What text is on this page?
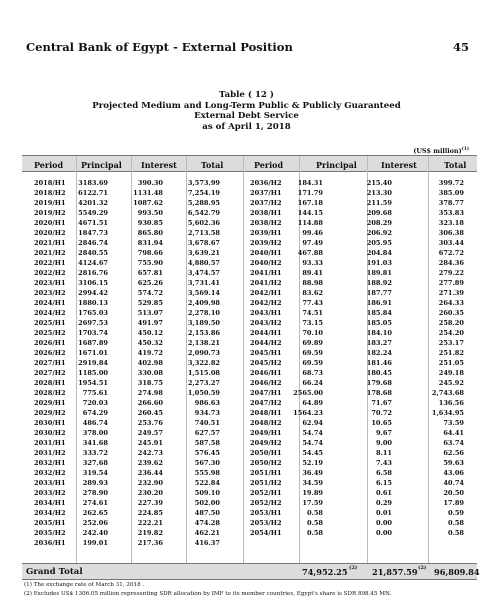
Central Bank of Egypt - External Position	45
Table ( 12 )
Projected Medium and Long-Term Public & Publicly Guaranteed
External Debt Service
as of April 1, 2018
(US$ million)$^{(1)}$
Period Principal Interest	Total	Period	Principal	Interest	Total
2018/H1 3183.69	390.30	3,573.99	2036/H2 184.31	215.40	399.72
2018/H2 6122.71	1131.48	7,254.19	2037/H1 171.79	213.30	385.09
2019/H1 4201.32	1087.62	5,288.95	2037/H2 167.18	211.59	378.77
2019/H2 5549.29	993.50	6,542.79	2038/H1 144.15	209.68	353.83
2020/H1 4671.51	930.85	5,602.36	2038/H2 114.88	208.29	323.18
2020/H2 1847.73	865.80	2,713.58	2039/H1	99.46	206.92	306.38
2021/H1 2846.74	831.94	3,678.67	2039/H2	97.49	205.95	303.44
2021/H2 2840.55	798.66	3,639.21	2040/H1 467.88	204.84	672.72
2022/H1 4124.67	755.90	4,880.57	2040/H2	93.33	191.03	284.36
2022/H2 2816.76	657.81	3,474.57	2041/H1	89.41	189.81	279.22
2023/H1 3106.15	625.26	3,731.41	2041/H2	88.98	188.92	277.89
2023/H2 2994.42	574.72	3,569.14	2042/H1	83.62	187.77	271.39
2024/H1 1880.13	529.85	2,409.98	2042/H2	77.43	186.91	264.33
2024/H2 1765.03	513.07	2,278.10	2043/H1	74.51	185.84	260.35
2025/H1 2697.53	491.97	3,189.50	2043/H2	73.15	185.05	258.20
2025/H2 1703.74	450.12	2,153.86	2044/H1	70.10	184.10	254.20
2026/H1 1687.89	450.32	2,138.21	2044/H2	69.89	183.27	253.17
2026/H2 1671.01	419.72	2,090.73	2045/H1	69.59	182.24	251.82
2027/H1 2919.84	402.98	3,322.82	2045/H2	69.59	181.46	251.05
2027/H2 1185.00	330.08	1,515.08	2046/H1	68.73	180.45	249.18
2028/H1 1954.51	318.75	2,273.27	2046/H2	66.24	179.68	245.92
2028/H2	775.61	274.98	1,050.59	2047/H1 2565.00	178.68	2,743.68
2029/H1	720.03	266.60	986.63	2047/H2	64.89	71.67	136.56
2029/H2	674.29	260.45	934.73	2048/H1 1564.23	70.72	1,634.95
2030/H1	486.74	253.76	740.51	2048/H2	62.94	10.65	73.59
2030/H2	378.00	249.57	627.57	2049/H1	54.74	9.67	64.41
2031/H1	341.68	245.91	587.58	2049/H2	54.74	9.00	63.74
2031/H2	333.72	242.73	576.45	2050/H1	54.45	8.11	62.56
2032/H1	327.68	239.62	567.30	2050/H2	52.19	7.43	59.63
2032/H2	319.54	236.44	555.98	2051/H1	36.49	6.58	43.06
2033/H1	289.93	232.90	522.84	2051/H2	34.59	6.15	40.74
2033/H2	278.90	230.20	509.10	2052/H1	19.89	0.61	20.50
2034/H1	274.61	227.39	502.00	2052/H2	17.59	0.29	17.89
2034/H2	262.65	224.85	487.50	2053/H1	0.58	0.01	0.59
2035/H1	252.06	222.21	474.28	2053/H2	0.58	0.00	0.58
2035/H2	242.40	219.82	462.21	2054/H1	0.58	0.00	0.58
2036/H1	199.01	217.36	416.37
Grand Total	74,952.25 (2) 21,857.59 (2) 96,809.84
(1) The exchange rate of March 31, 2018 .
(2) Excludes US$ 1306.05 million representing SDR allocation by IMF to its member countries, Egypt's share is SDR 898.45 MN.
